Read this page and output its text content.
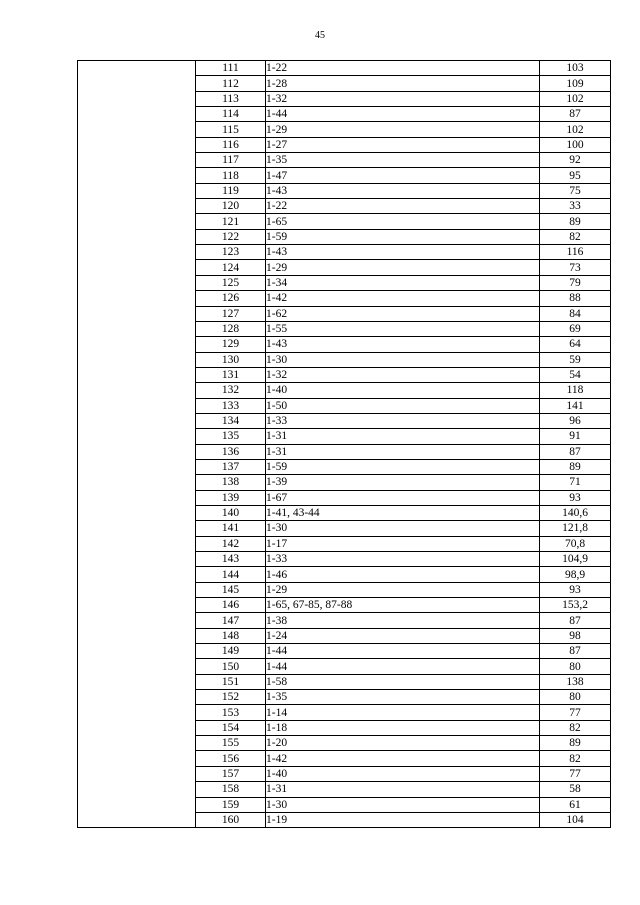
45
	111	1-22	103
	112	1-28	109
	113	1-32	102
	114	1-44	87
	115	1-29	102
	116	1-27	100
	117	1-35	92
	118	1-47	95
	119	1-43	75
	120	1-22	33
	121	1-65	89
	122	1-59	82
	123	1-43	116
	124	1-29	73
	125	1-34	79
	126	1-42	88
	127	1-62	84
	128	1-55	69
	129	1-43	64
	130	1-30	59
	131	1-32	54
	132	1-40	118
	133	1-50	141
	134	1-33	96
	135	1-31	91
	136	1-31	87
	137	1-59	89
	138	1-39	71
	139	1-67	93
	140	1-41, 43-44	140,6
	141	1-30	121,8
	142	1-17	70,8
	143	1-33	104,9
	144	1-46	98,9
	145	1-29	93
	146	1-65, 67-85, 87-88	153,2
	147	1-38	87
	148	1-24	98
	149	1-44	87
	150	1-44	80
	151	1-58	138
	152	1-35	80
	153	1-14	77
	154	1-18	82
	155	1-20	89
	156	1-42	82
	157	1-40	77
	158	1-31	58
	159	1-30	61
	160	1-19	104
